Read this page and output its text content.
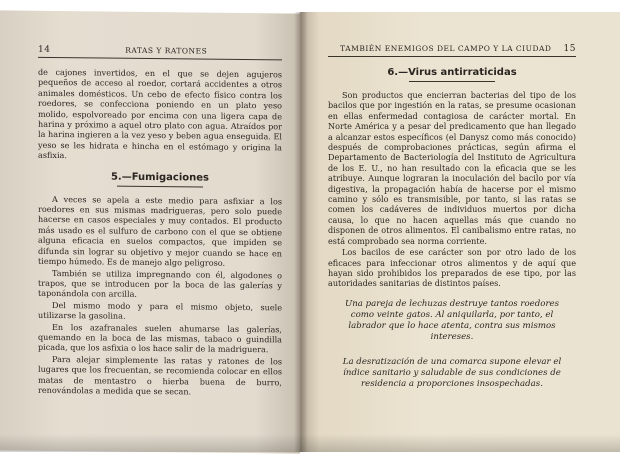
14	RATAS Y RATONES

de cajones invertidos, en el que se dejen agujeros pequeños de acceso al roedor, cortará accidentes a otros animales domésticos. Un cebo de efecto físico contra los roedores, se confecciona poniendo en un plato yeso molido, espolvoreado por encima con una ligera capa de harina y próximo a aquel otro plato con agua. Atraídos por la harina ingieren a la vez yeso y beben agua enseguida. El yeso se les hidrata e hincha en el estómago y origina la asfixia.

5.—Fumigaciones

A veces se apela a este medio para asfixiar a los roedores en sus mismas madrigueras, pero solo puede hacerse en casos especiales y muy contados. El producto más usado es el sulfuro de carbono con el que se obtiene alguna eficacia en suelos compactos, que impiden se difunda sin lograr su objetivo y mejor cuando se hace en tiempo húmedo. Es de manejo algo peligroso.

También se utiliza impregnando con él, algodones o trapos, que se introducen por la boca de las galerías y taponándola con arcilla.

Del mismo modo y para el mismo objeto, suele utilizarse la gasolina.

En los azafranales suelen ahumarse las galerías, quemando en la boca de las mismas, tabaco o guindilla picada, que los asfixia o los hace salir de la madriguera.

Para alejar simplemente las ratas y ratones de los lugares que los frecuentan, se recomienda colocar en ellos matas de mentastro o hierba buena de burro, renovándolas a medida que se secan.

TAMBIÉN ENEMIGOS DEL CAMPO Y LA CIUDAD 15
6.—Virus antirraticidas

Son productos que encierran bacterias del tipo de los bacilos que por ingestión en la ratas, se presume ocasionan en ellas enfermedad contagiosa de carácter mortal. En Norte América y a pesar del predicamento que han llegado a alcanzar estos específicos (el Danysz como más conocido) después de comprobaciones prácticas, según afirma el Departamento de Bacteriología del Instituto de Agricultura de los E. U., no han resultado con la eficacia que se les atribuye. Aunque lograran la inoculación del bacilo por vía digestiva, la propagación había de hacerse por el mismo camino y sólo es transmisible, por tanto, si las ratas se comen los cadáveres de individuos muertos por dicha causa, lo que no hacen aquellas más que cuando no disponen de otros alimentos. El canibalismo entre ratas, no está comprobado sea norma corriente.

Los bacilos de ese carácter son por otro lado de los eficaces para infeccionar otros alimentos y de aquí que hayan sido prohibidos los preparados de ese tipo, por las autoridades sanitarias de distintos países.

Una pareja de lechuzas destruye tantos roedores como veinte gatos. Al aniquilarla, por tanto, el labrador que lo hace atenta, contra sus mismos intereses.
La desratización de una comarca supone elevar el índice sanitario y saludable de sus condiciones de residencia a proporciones insospechadas.
